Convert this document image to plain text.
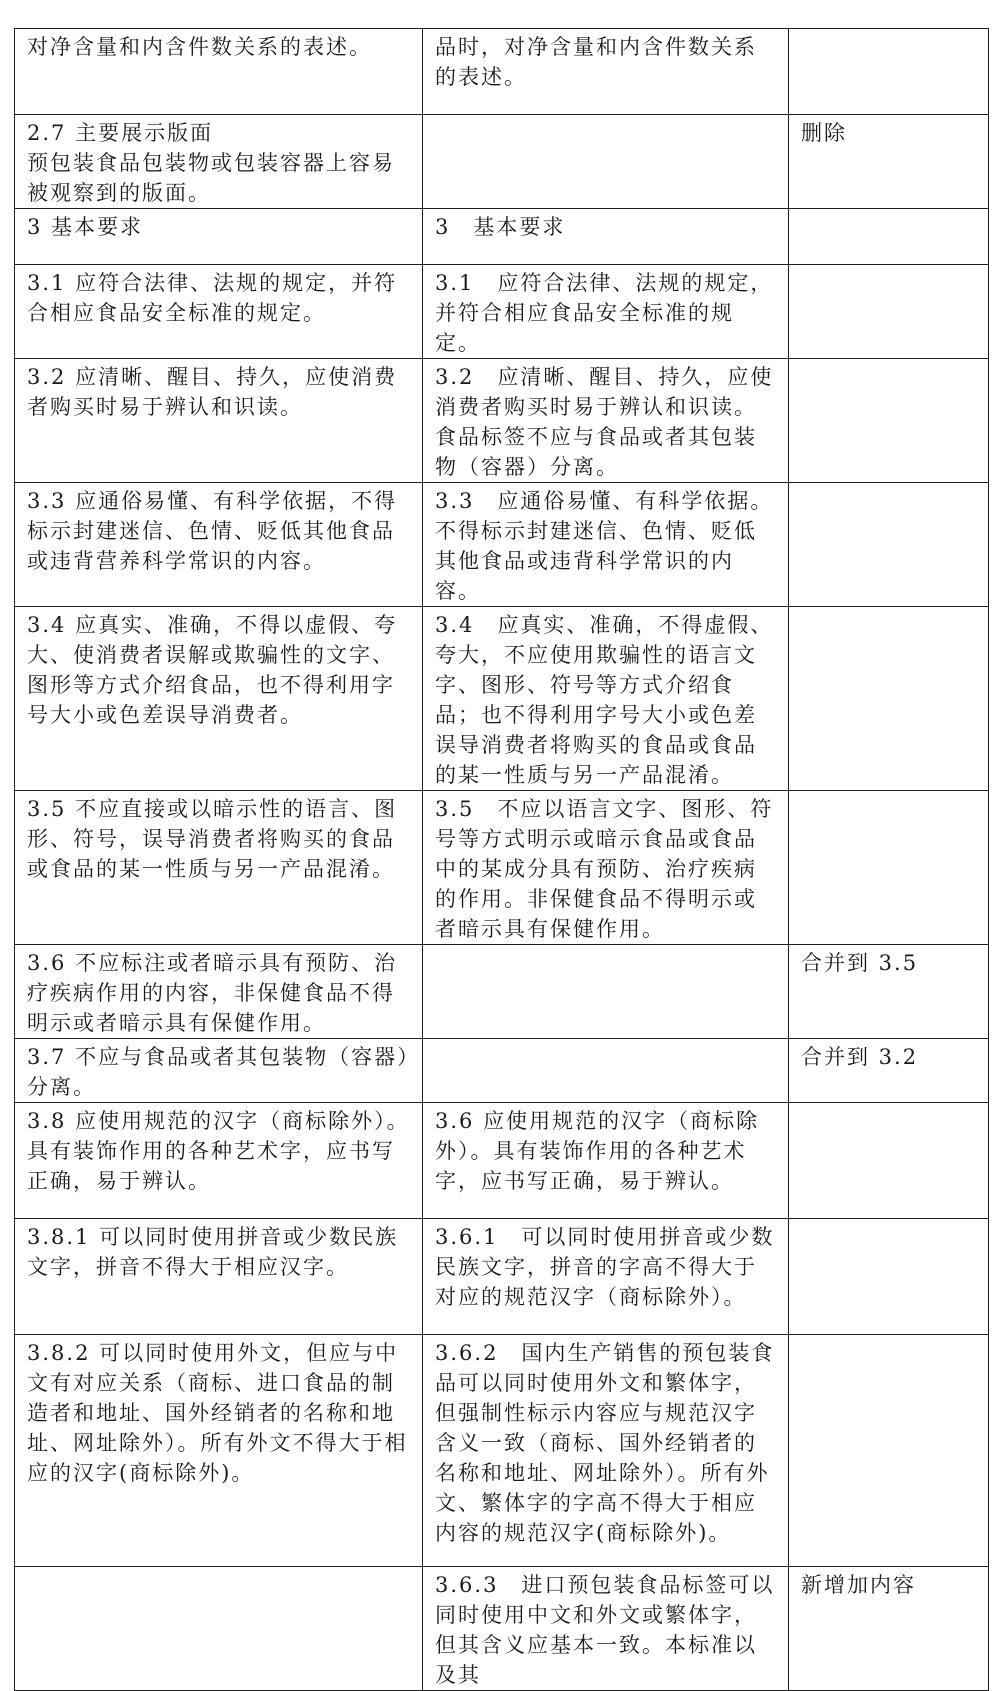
对净含量和内含件数关系的表述。	品时，对净含量和内含件数关系的表述。	
2.7 主要展示版面
预包装食品包装物或包装容器上容易被观察到的版面。		删除
3 基本要求	3　基本要求	
3.1 应符合法律、法规的规定，并符合相应食品安全标准的规定。	3.1　应符合法律、法规的规定，并符合相应食品安全标准的规定。	
3.2 应清晰、醒目、持久，应使消费者购买时易于辨认和识读。	3.2　应清晰、醒目、持久，应使消费者购买时易于辨认和识读。食品标签不应与食品或者其包装物（容器）分离。	
3.3 应通俗易懂、有科学依据，不得标示封建迷信、色情、贬低其他食品或违背营养科学常识的内容。	3.3　应通俗易懂、有科学依据。不得标示封建迷信、色情、贬低其他食品或违背科学常识的内容。	
3.4 应真实、准确，不得以虚假、夸大、使消费者误解或欺骗性的文字、图形等方式介绍食品，也不得利用字号大小或色差误导消费者。	3.4　应真实、准确，不得虚假、夸大，不应使用欺骗性的语言文字、图形、符号等方式介绍食品；也不得利用字号大小或色差误导消费者将购买的食品或食品的某一性质与另一产品混淆。	
3.5 不应直接或以暗示性的语言、图形、符号，误导消费者将购买的食品或食品的某一性质与另一产品混淆。	3.5　不应以语言文字、图形、符号等方式明示或暗示食品或食品中的某成分具有预防、治疗疾病的作用。非保健食品不得明示或者暗示具有保健作用。	
3.6 不应标注或者暗示具有预防、治疗疾病作用的内容，非保健食品不得明示或者暗示具有保健作用。		合并到 3.5
3.7 不应与食品或者其包装物（容器）分离。		合并到 3.2
3.8 应使用规范的汉字（商标除外）。具有装饰作用的各种艺术字，应书写正确，易于辨认。	3.6 应使用规范的汉字（商标除外）。具有装饰作用的各种艺术字，应书写正确，易于辨认。	
3.8.1 可以同时使用拼音或少数民族文字，拼音不得大于相应汉字。	3.6.1　可以同时使用拼音或少数民族文字，拼音的字高不得大于对应的规范汉字（商标除外）。	
3.8.2 可以同时使用外文，但应与中文有对应关系（商标、进口食品的制造者和地址、国外经销者的名称和地址、网址除外）。所有外文不得大于相应的汉字(商标除外)。	3.6.2　国内生产销售的预包装食品可以同时使用外文和繁体字，但强制性标示内容应与规范汉字含义一致（商标、国外经销者的名称和地址、网址除外）。所有外文、繁体字的字高不得大于相应内容的规范汉字(商标除外)。	
	3.6.3　进口预包装食品标签可以同时使用中文和外文或繁体字，但其含义应基本一致。本标准以及其	新增加内容
